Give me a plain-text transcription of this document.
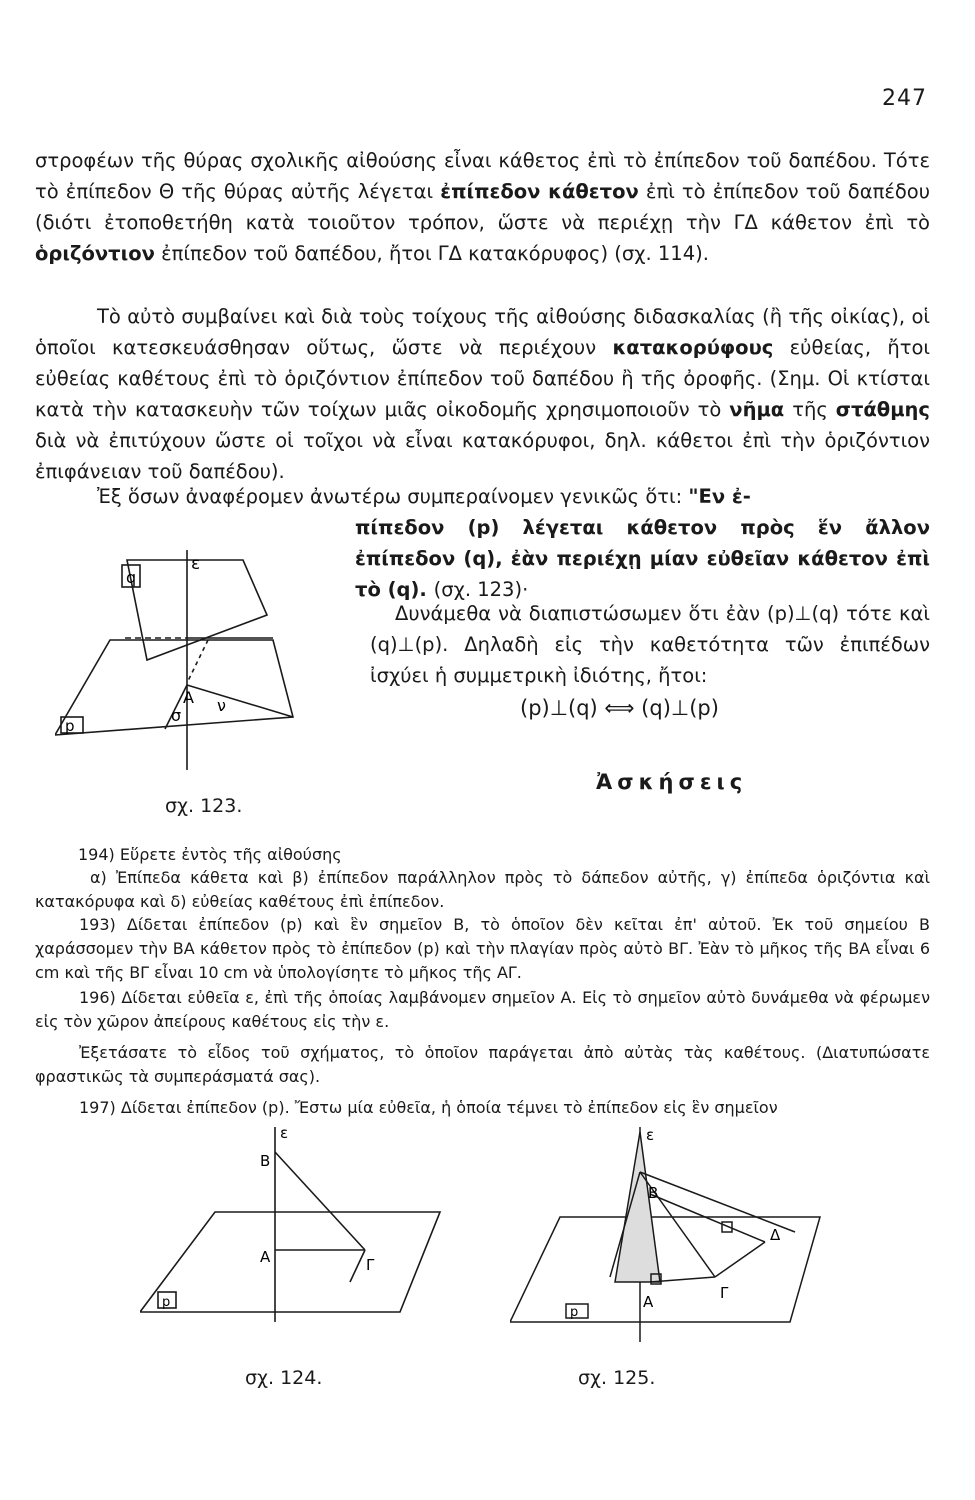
247

στροφέων τῆς θύρας σχολικῆς αἰθούσης εἶναι κάθετος ἐπὶ τὸ ἐπίπεδον τοῦ δαπέδου. Τότε τὸ ἐπίπεδον Θ τῆς θύρας αὐτῆς λέγεται ἐπίπεδον κάθετον ἐπὶ τὸ ἐπίπεδον τοῦ δαπέδου (διότι ἐτοποθετήθη κατὰ τοιοῦτον τρόπον, ὥστε νὰ περιέχῃ τὴν ΓΔ κάθετον ἐπὶ τὸ ὁριζόντιον ἐπίπεδον τοῦ δαπέδου, ἤτοι ΓΔ κατακόρυφος) (σχ. 114).

Τὸ αὐτὸ συμβαίνει καὶ διὰ τοὺς τοίχους τῆς αἰθούσης διδασκαλίας (ἢ τῆς οἰκίας), οἱ ὁποῖοι κατεσκευάσθησαν οὕτως, ὥστε νὰ περιέχουν κατακορύφους εὐθείας, ἤτοι εὐθείας καθέτους ἐπὶ τὸ ὁριζόντιον ἐπίπεδον τοῦ δαπέδου ἢ τῆς ὀροφῆς. (Σημ. Οἱ κτίσται κατὰ τὴν κατασκευὴν τῶν τοίχων μιᾶς οἰκοδομῆς χρησιμοποιοῦν τὸ νῆμα τῆς στάθμης διὰ νὰ ἐπιτύχουν ὥστε οἱ τοῖχοι νὰ εἶναι κατακόρυφοι, δηλ. κάθετοι ἐπὶ τὴν ὁριζόντιον ἐπιφάνειαν τοῦ δαπέδου).

Ἐξ ὅσων ἀναφέρομεν ἀνωτέρω συμπεραίνομεν γενικῶς ὅτι: "Εν ἐ-

πίπεδον (p) λέγεται κάθετον πρὸς ἕν ἄλλον ἐπίπεδον (q), ἐὰν περιέχῃ μίαν εὐθεῖαν κάθετον ἐπὶ τὸ (q). (σχ. 123)·

Δυνάμεθα νὰ διαπιστώσωμεν ὅτι ἐὰν (p)⊥(q) τότε καὶ (q)⊥(p). Δηλαδὴ εἰς τὴν καθετότητα τῶν ἐπιπέδων ἰσχύει ἡ συμμετρικὴ ἰδιότης, ἤτοι:

(p)⊥(q) ⟺ (q)⊥(p)
q
ε
A
p
σ
ν
σχ. 123.
Ἀσκήσεις

194) Εὕρετε ἐντὸς τῆς αἰθούσης

α) Ἐπίπεδα κάθετα καὶ β) ἐπίπεδον παράλληλον πρὸς τὸ δάπεδον αὐτῆς, γ) ἐπίπεδα ὁριζόντια καὶ κατακόρυφα καὶ δ) εὐθείας καθέτους ἐπὶ ἐπίπεδον.

193) Δίδεται ἐπίπεδον (p) καὶ ἓν σημεῖον Β, τὸ ὁποῖον δὲν κεῖται ἐπ' αὐτοῦ. Ἐκ τοῦ σημείου Β χαράσσομεν τὴν ΒΑ κάθετον πρὸς τὸ ἐπίπεδον (p) καὶ τὴν πλαγίαν πρὸς αὐτὸ ΒΓ. Ἐὰν τὸ μῆκος τῆς ΒΑ εἶναι 6 cm καὶ τῆς ΒΓ εἶναι 10 cm νὰ ὑπολογίσητε τὸ μῆκος τῆς ΑΓ.

196) Δίδεται εὐθεῖα ε, ἐπὶ τῆς ὁποίας λαμβάνομεν σημεῖον Α. Εἰς τὸ σημεῖον αὐτὸ δυνάμεθα νὰ φέρωμεν εἰς τὸν χῶρον ἀπείρους καθέτους εἰς τὴν ε.

Ἐξετάσατε τὸ εἶδος τοῦ σχήματος, τὸ ὁποῖον παράγεται ἀπὸ αὐτὰς τὰς καθέτους. (Διατυπώσατε φραστικῶς τὰ συμπεράσματά σας).

197) Δίδεται ἐπίπεδον (p). Ἔστω μία εὐθεῖα, ἡ ὁποία τέμνει τὸ ἐπίπεδον εἰς ἓν σημεῖον

ε
B
A	Γ
p
σχ. 124.
ε
B
Δ
A	Γ
p
σχ. 125.
